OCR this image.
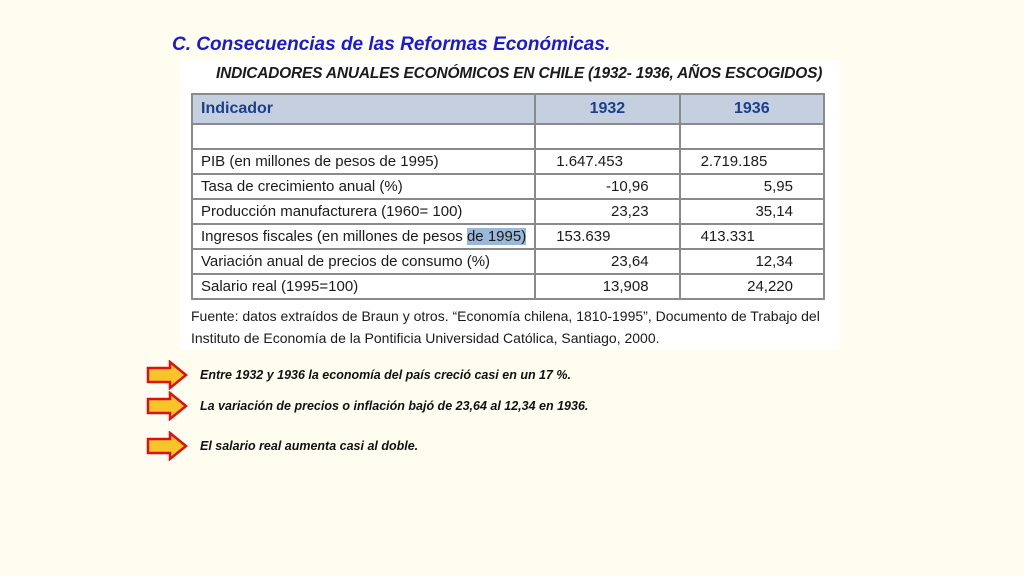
C. Consecuencias de las Reformas Económicas.
INDICADORES ANUALES ECONÓMICOS EN CHILE (1932- 1936, AÑOS ESCOGIDOS)
Indicador	1932	1936

PIB (en millones de pesos de 1995)	1.647.453	2.719.185
Tasa de crecimiento anual (%)	-10,96	5,95
Producción manufacturera (1960= 100)	23,23	35,14
Ingresos fiscales (en millones de pesos de 1995)	153.639	413.331
Variación anual de precios de consumo (%)	23,64	12,34
Salario real (1995=100)	13,908	24,220
Fuente: datos extraídos de Braun y otros. “Economía chilena, 1810-1995”, Documento de Trabajo del
Instituto de Economía de la Pontificia Universidad Católica, Santiago, 2000.
Entre 1932 y 1936 la economía del país creció casi en un 17 %.
La variación de precios o inflación bajó de 23,64 al 12,34 en 1936.
El salario real aumenta casi al doble.
